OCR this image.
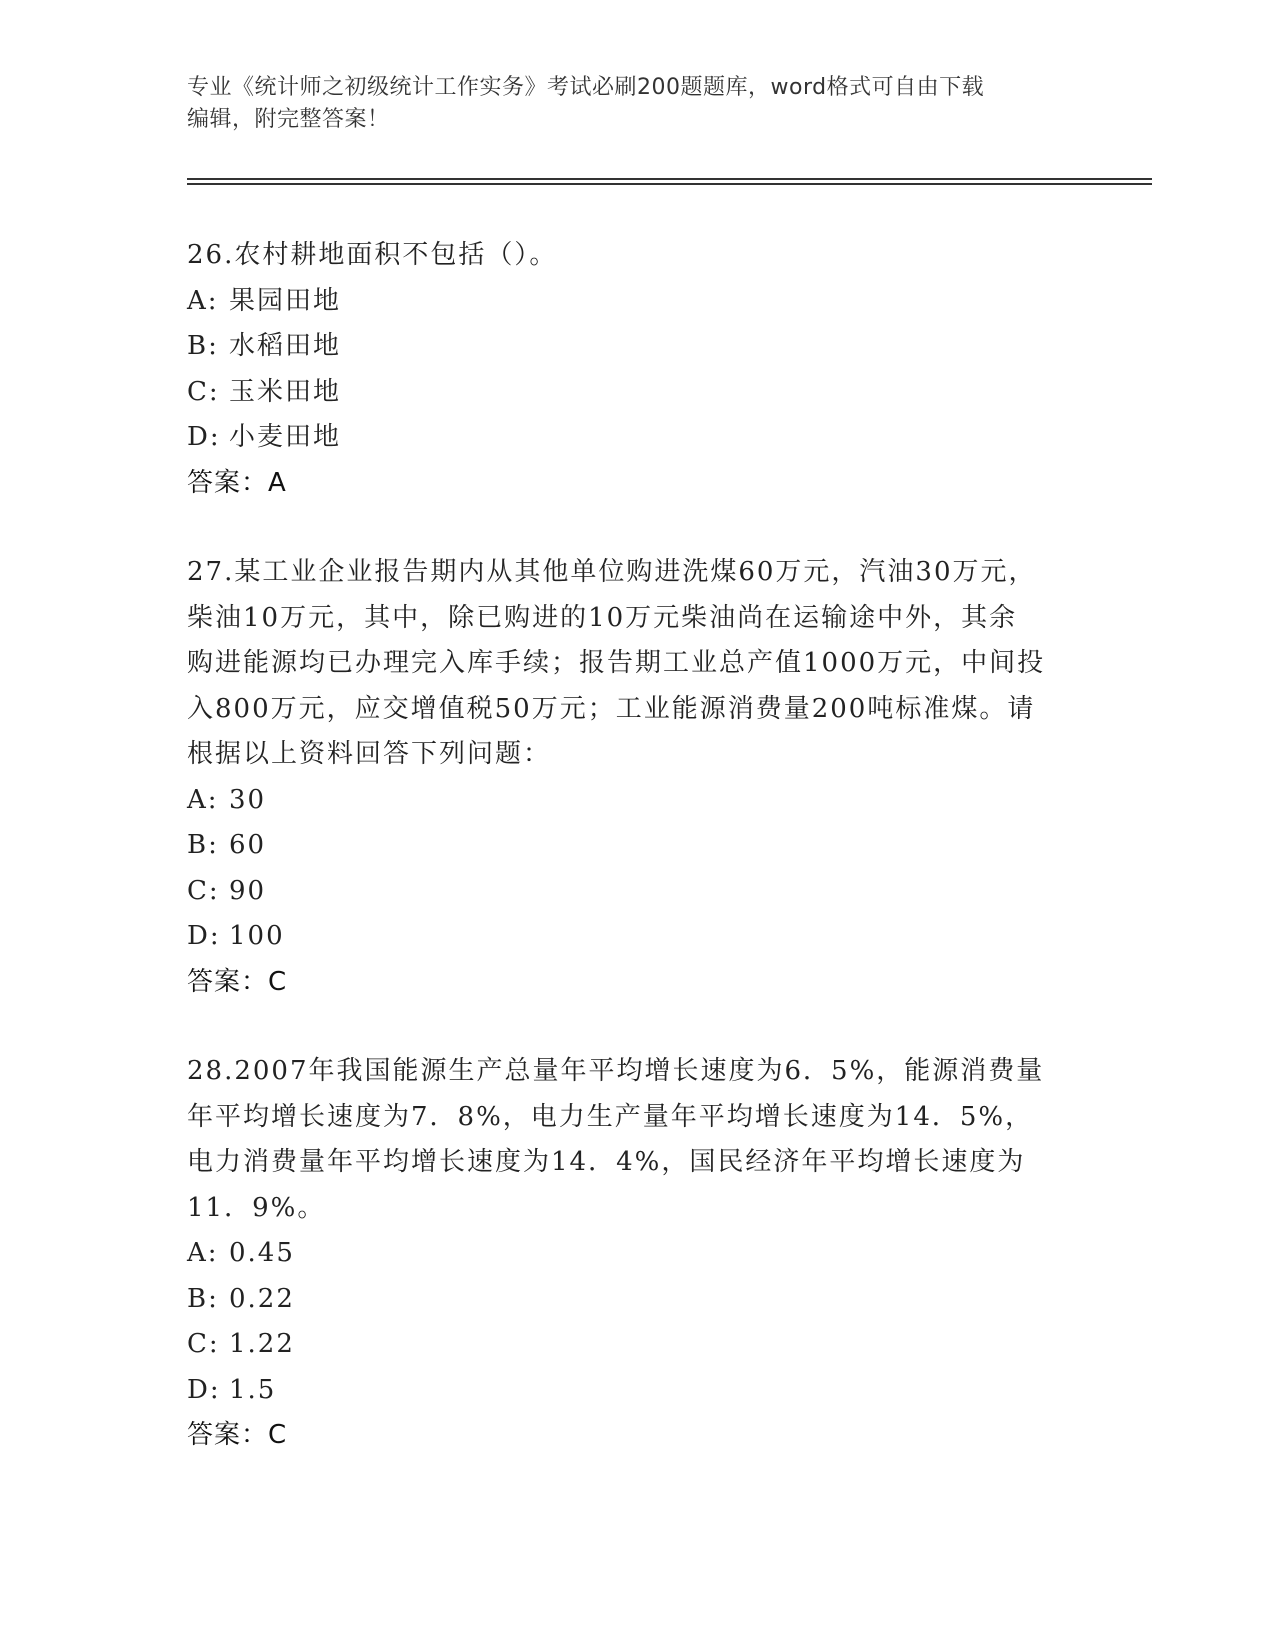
专业《统计师之初级统计工作实务》考试必刷200题题库，word格式可自由下载
编辑，附完整答案！

26.农村耕地面积不包括（）。

A: 果园田地

B: 水稻田地

C: 玉米田地

D: 小麦田地

答案：A

27.某工业企业报告期内从其他单位购进洗煤60万元，汽油30万元，

柴油10万元，其中，除已购进的10万元柴油尚在运输途中外，其余

购进能源均已办理完入库手续；报告期工业总产值1000万元，中间投

入800万元，应交增值税50万元；工业能源消费量200吨标准煤。请

根据以上资料回答下列问题：

A: 30

B: 60

C: 90

D: 100

答案：C

28.2007年我国能源生产总量年平均增长速度为6．5%，能源消费量

年平均增长速度为7．8%，电力生产量年平均增长速度为14．5%，

电力消费量年平均增长速度为14．4%，国民经济年平均增长速度为

11．9%。

A: 0.45

B: 0.22

C: 1.22

D: 1.5

答案：C
